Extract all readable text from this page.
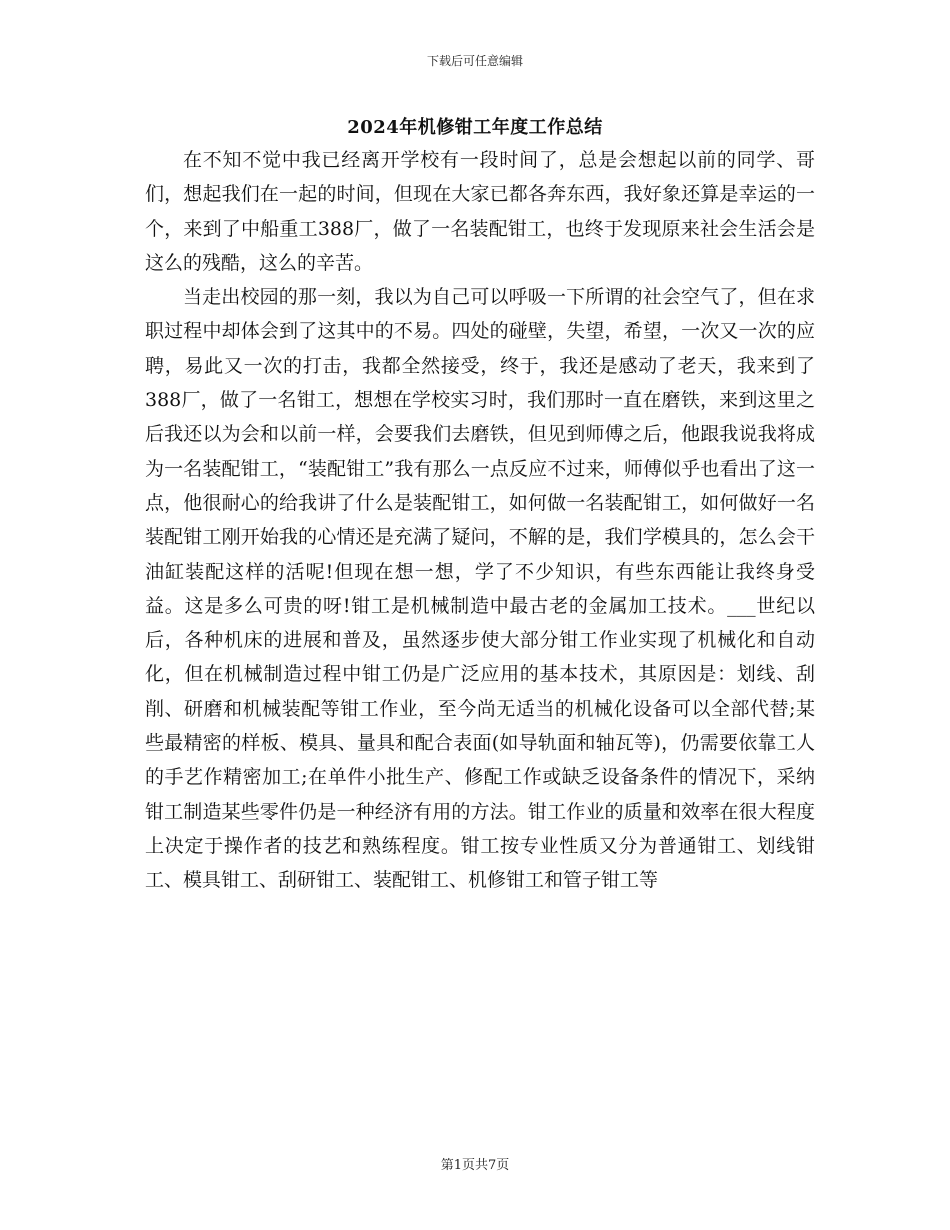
下载后可任意编辑
2024年机修钳工年度工作总结

在不知不觉中我已经离开学校有一段时间了，总是会想起以前的同学、哥们，想起我们在一起的时间，但现在大家已都各奔东西，我好象还算是幸运的一个，来到了中船重工388厂，做了一名装配钳工，也终于发现原来社会生活会是这么的残酷，这么的辛苦。

当走出校园的那一刻，我以为自己可以呼吸一下所谓的社会空气了，但在求职过程中却体会到了这其中的不易。四处的碰壁，失望，希望，一次又一次的应聘，易此又一次的打击，我都全然接受，终于，我还是感动了老天，我来到了388厂，做了一名钳工，想想在学校实习时，我们那时一直在磨铁，来到这里之后我还以为会和以前一样，会要我们去磨铁，但见到师傅之后，他跟我说我将成为一名装配钳工，“装配钳工”我有那么一点反应不过来，师傅似乎也看出了这一点，他很耐心的给我讲了什么是装配钳工，如何做一名装配钳工，如何做好一名装配钳工刚开始我的心情还是充满了疑问，不解的是，我们学模具的，怎么会干油缸装配这样的活呢!但现在想一想，学了不少知识，有些东西能让我终身受益。这是多么可贵的呀!钳工是机械制造中最古老的金属加工技术。___世纪以后，各种机床的进展和普及，虽然逐步使大部分钳工作业实现了机械化和自动化，但在机械制造过程中钳工仍是广泛应用的基本技术，其原因是：划线、刮削、研磨和机械装配等钳工作业，至今尚无适当的机械化设备可以全部代替;某些最精密的样板、模具、量具和配合表面(如导轨面和轴瓦等)，仍需要依靠工人的手艺作精密加工;在单件小批生产、修配工作或缺乏设备条件的情况下，采纳钳工制造某些零件仍是一种经济有用的方法。钳工作业的质量和效率在很大程度上决定于操作者的技艺和熟练程度。钳工按专业性质又分为普通钳工、划线钳工、模具钳工、刮研钳工、装配钳工、机修钳工和管子钳工等

第1页共7页
